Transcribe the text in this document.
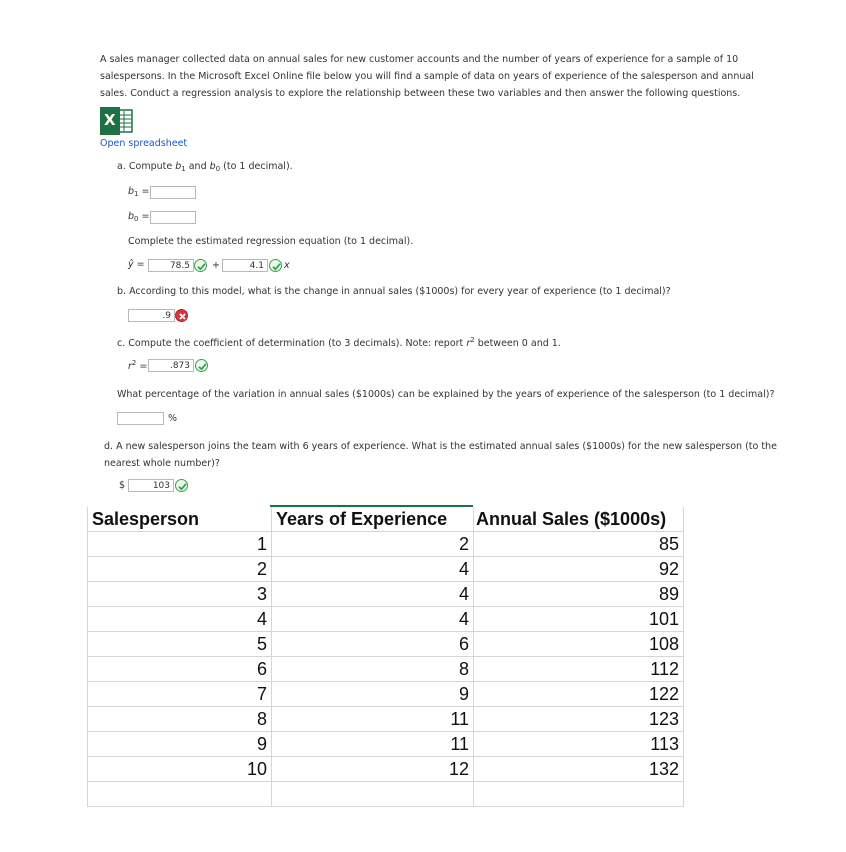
A sales manager collected data on annual sales for new customer accounts and the number of years of experience for a sample of 10 salespersons. In the Microsoft Excel Online file below you will find a sample of data on years of experience of the salesperson and annual sales. Conduct a regression analysis to explore the relationship between these two variables and then answer the following questions.
X
Open spreadsheet
a. Compute $b_1$ and $b_0$ (to 1 decimal).
$b_1$ =
$b_0$ =
Complete the estimated regression equation (to 1 decimal).
ŷ =	78.5	+	4.1	x
b. According to this model, what is the change in annual sales ($1000s) for every year of experience (to 1 decimal)?
.9
c. Compute the coefficient of determination (to 3 decimals). Note: report $r^2$ between 0 and 1.
$r^2$ =	.873
What percentage of the variation in annual sales ($1000s) can be explained by the years of experience of the salesperson (to 1 decimal)?
%
d. A new salesperson joins the team with 6 years of experience. What is the estimated annual sales ($1000s) for the new salesperson (to the nearest whole number)?
$	103
Salesperson	Years of Experience	Annual Sales ($1000s)
1	2	85
2	4	92
3	4	89
4	4	101
5	6	108
6	8	112
7	9	122
8	11	123
9	11	113
10	12	132
